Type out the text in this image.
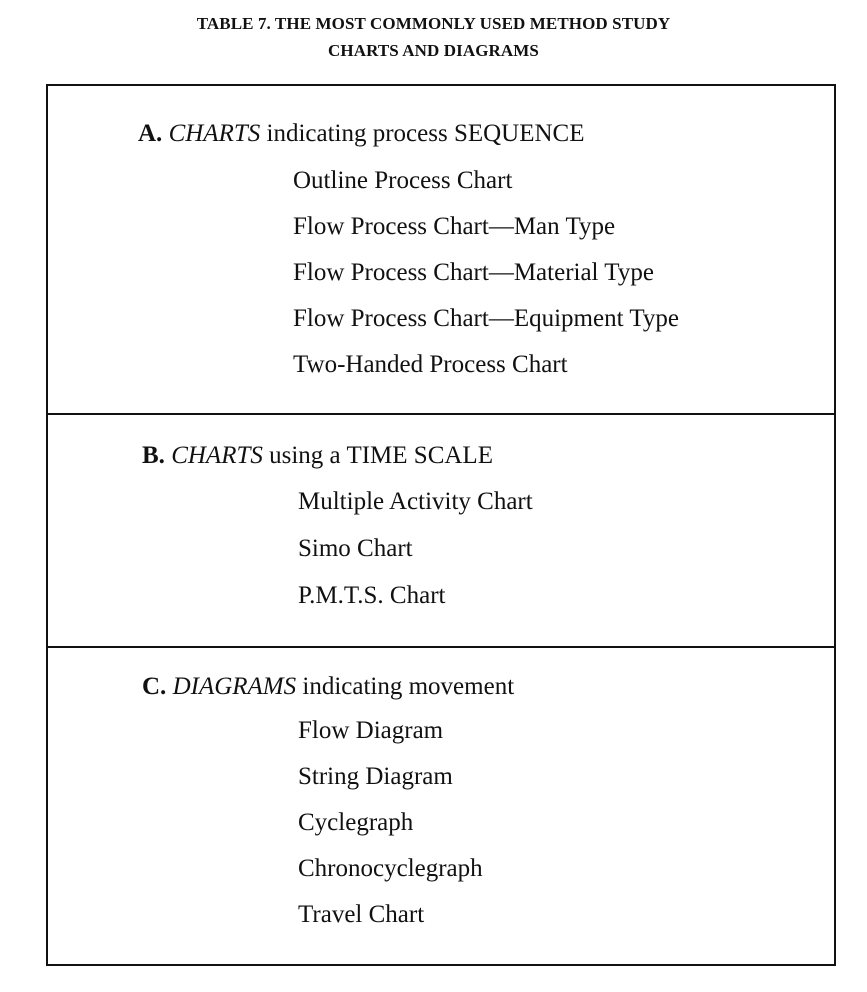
TABLE 7. THE MOST COMMONLY USED METHOD STUDY
CHARTS AND DIAGRAMS
A. CHARTS indicating process SEQUENCE
Outline Process Chart
Flow Process Chart—Man Type
Flow Process Chart—Material Type
Flow Process Chart—Equipment Type
Two-Handed Process Chart
B. CHARTS using a TIME SCALE
Multiple Activity Chart
Simo Chart
P.M.T.S. Chart
C. DIAGRAMS indicating movement
Flow Diagram
String Diagram
Cyclegraph
Chronocyclegraph
Travel Chart
